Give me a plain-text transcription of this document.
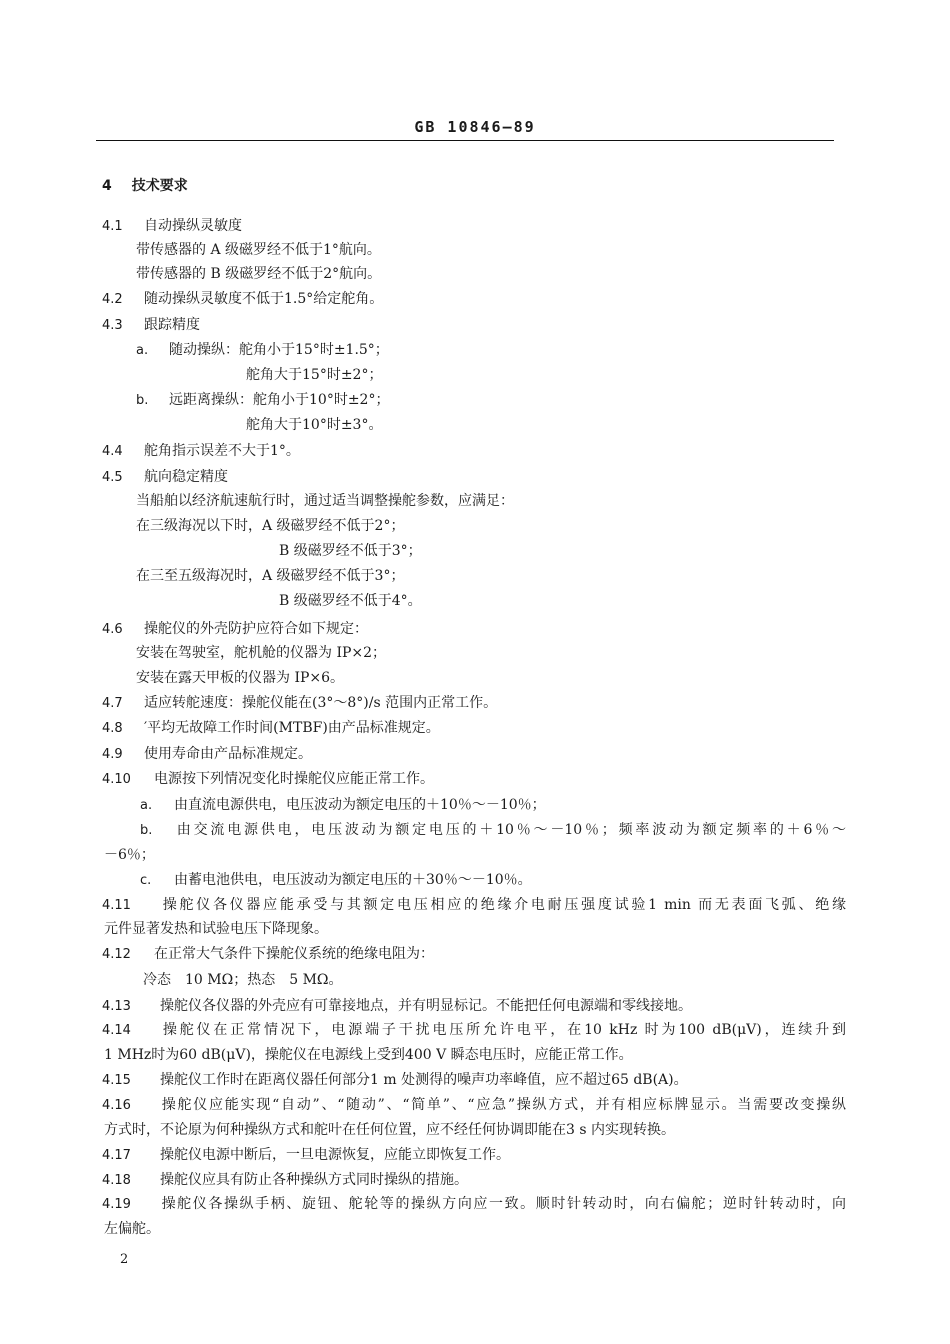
GB 10846—89
4 技术要求
4.1 自动操纵灵敏度
带传感器的 A 级磁罗经不低于1°航向。
带传感器的 B 级磁罗经不低于2°航向。
4.2 随动操纵灵敏度不低于1.5°给定舵角。
4.3 跟踪精度
a. 随动操纵：舵角小于15°时±1.5°；
舵角大于15°时±2°；
b. 远距离操纵：舵角小于10°时±2°；
舵角大于10°时±3°。
4.4 舵角指示误差不大于1°。
4.5 航向稳定精度
当船舶以经济航速航行时，通过适当调整操舵参数，应满足：
在三级海况以下时，A 级磁罗经不低于2°；
B 级磁罗经不低于3°；
在三至五级海况时，A 级磁罗经不低于3°；
B 级磁罗经不低于4°。
4.6 操舵仪的外壳防护应符合如下规定：
安装在驾驶室，舵机舱的仪器为 IP×2；
安装在露天甲板的仪器为 IP×6。
4.7 适应转舵速度：操舵仪能在(3°～8°)/s 范围内正常工作。
4.8 ′平均无故障工作时间(MTBF)由产品标准规定。
4.9 使用寿命由产品标准规定。
4.10 电源按下列情况变化时操舵仪应能正常工作。
a. 由直流电源供电，电压波动为额定电压的＋10％～－10％；
b. 由交流电源供电，电压波动为额定电压的＋10％～－10％；频率波动为额定频率的＋6％～
－6％；
c. 由蓄电池供电，电压波动为额定电压的＋30％～－10％。
4.11 操舵仪各仪器应能承受与其额定电压相应的绝缘介电耐压强度试验1 min 而无表面飞弧、绝缘
元件显著发热和试验电压下降现象。
4.12 在正常大气条件下操舵仪系统的绝缘电阻为：
冷态　10 MΩ；热态　5 MΩ。
4.13 操舵仪各仪器的外壳应有可靠接地点，并有明显标记。不能把任何电源端和零线接地。
4.14 操舵仪在正常情况下，电源端子干扰电压所允许电平，在10 kHz 时为100 dB(μV)，连续升到
1 MHz时为60 dB(μV)，操舵仪在电源线上受到400 V 瞬态电压时，应能正常工作。
4.15 操舵仪工作时在距离仪器任何部分1 m 处测得的噪声功率峰值，应不超过65 dB(A)。
4.16 操舵仪应能实现“自动”、“随动”、“简单”、“应急”操纵方式，并有相应标牌显示。当需要改变操纵
方式时，不论原为何种操纵方式和舵叶在任何位置，应不经任何协调即能在3 s 内实现转换。
4.17 操舵仪电源中断后，一旦电源恢复，应能立即恢复工作。
4.18 操舵仪应具有防止各种操纵方式同时操纵的措施。
4.19 操舵仪各操纵手柄、旋钮、舵轮等的操纵方向应一致。顺时针转动时，向右偏舵；逆时针转动时，向
左偏舵。
2
